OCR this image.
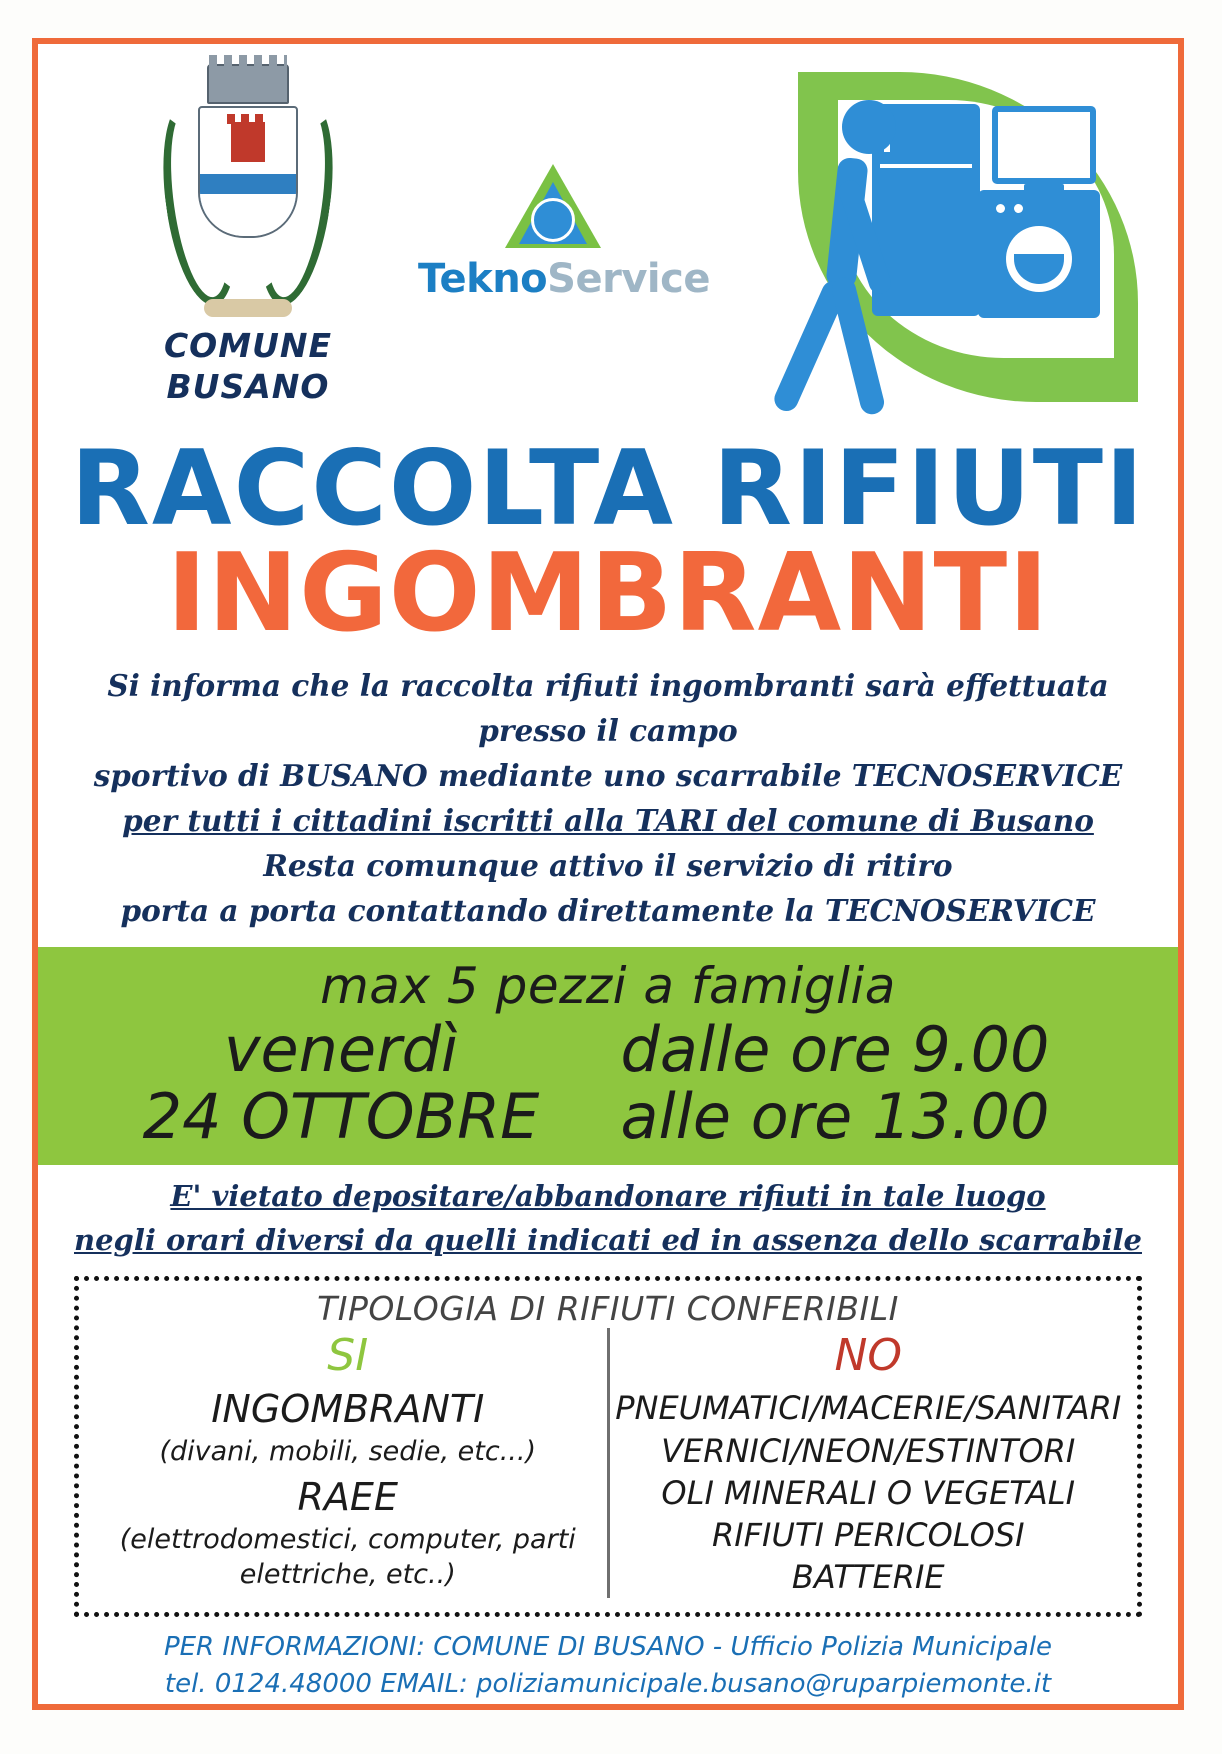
COMUNE
BUSANO
TeknoService
RACCOLTA RIFIUTI
INGOMBRANTI
Si informa che la raccolta rifiuti ingombranti sarà effettuata presso il campo
sportivo di BUSANO mediante uno scarrabile TECNOSERVICE
per tutti i cittadini iscritti alla TARI del comune di Busano
Resta comunque attivo il servizio di ritiro
porta a porta contattando direttamente la TECNOSERVICE
max 5 pezzi a famiglia
venerdì
24 OTTOBRE
dalle ore 9.00
alle ore 13.00
E' vietato depositare/abbandonare rifiuti in tale luogo
negli orari diversi da quelli indicati ed in assenza dello scarrabile
TIPOLOGIA DI RIFIUTI CONFERIBILI
SI
INGOMBRANTI
(divani, mobili, sedie, etc...)
RAEE
(elettrodomestici, computer, parti elettriche, etc..)
NO
PNEUMATICI/MACERIE/SANITARI
VERNICI/NEON/ESTINTORI
OLI MINERALI O VEGETALI
RIFIUTI PERICOLOSI
BATTERIE
PER INFORMAZIONI: COMUNE DI BUSANO - Ufficio Polizia Municipale
tel. 0124.48000 EMAIL: poliziamunicipale.busano@ruparpiemonte.it
